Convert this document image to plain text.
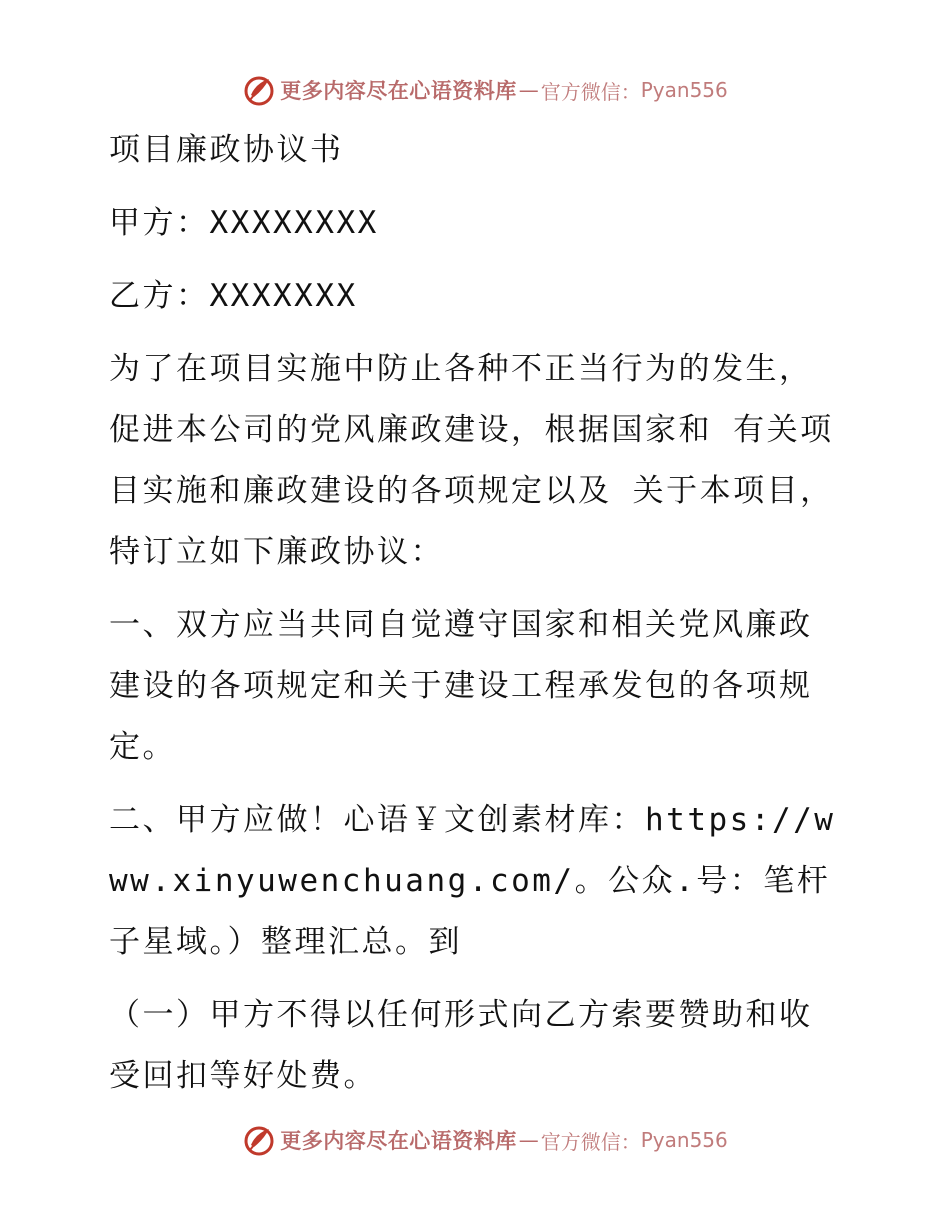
更多内容尽在心语资料库 — 官方微信： Pyan556

项目廉政协议书

甲方：XXXXXXXX

乙方：XXXXXXX

为了在项目实施中防止各种不正当行为的发生，促进本公司的党风廉政建设，根据国家和 有关项目实施和廉政建设的各项规定以及 关于本项目，特订立如下廉政协议：

一、双方应当共同自觉遵守国家和相关党风廉政建设的各项规定和关于建设工程承发包的各项规定。

二、甲方应做！心语￥文创素材库：https://www.xinyuwenchuang.com/。公众.号：笔杆子星域。）整理汇总。到

（一）甲方不得以任何形式向乙方索要赞助和收受回扣等好处费。

更多内容尽在心语资料库 — 官方微信： Pyan556
